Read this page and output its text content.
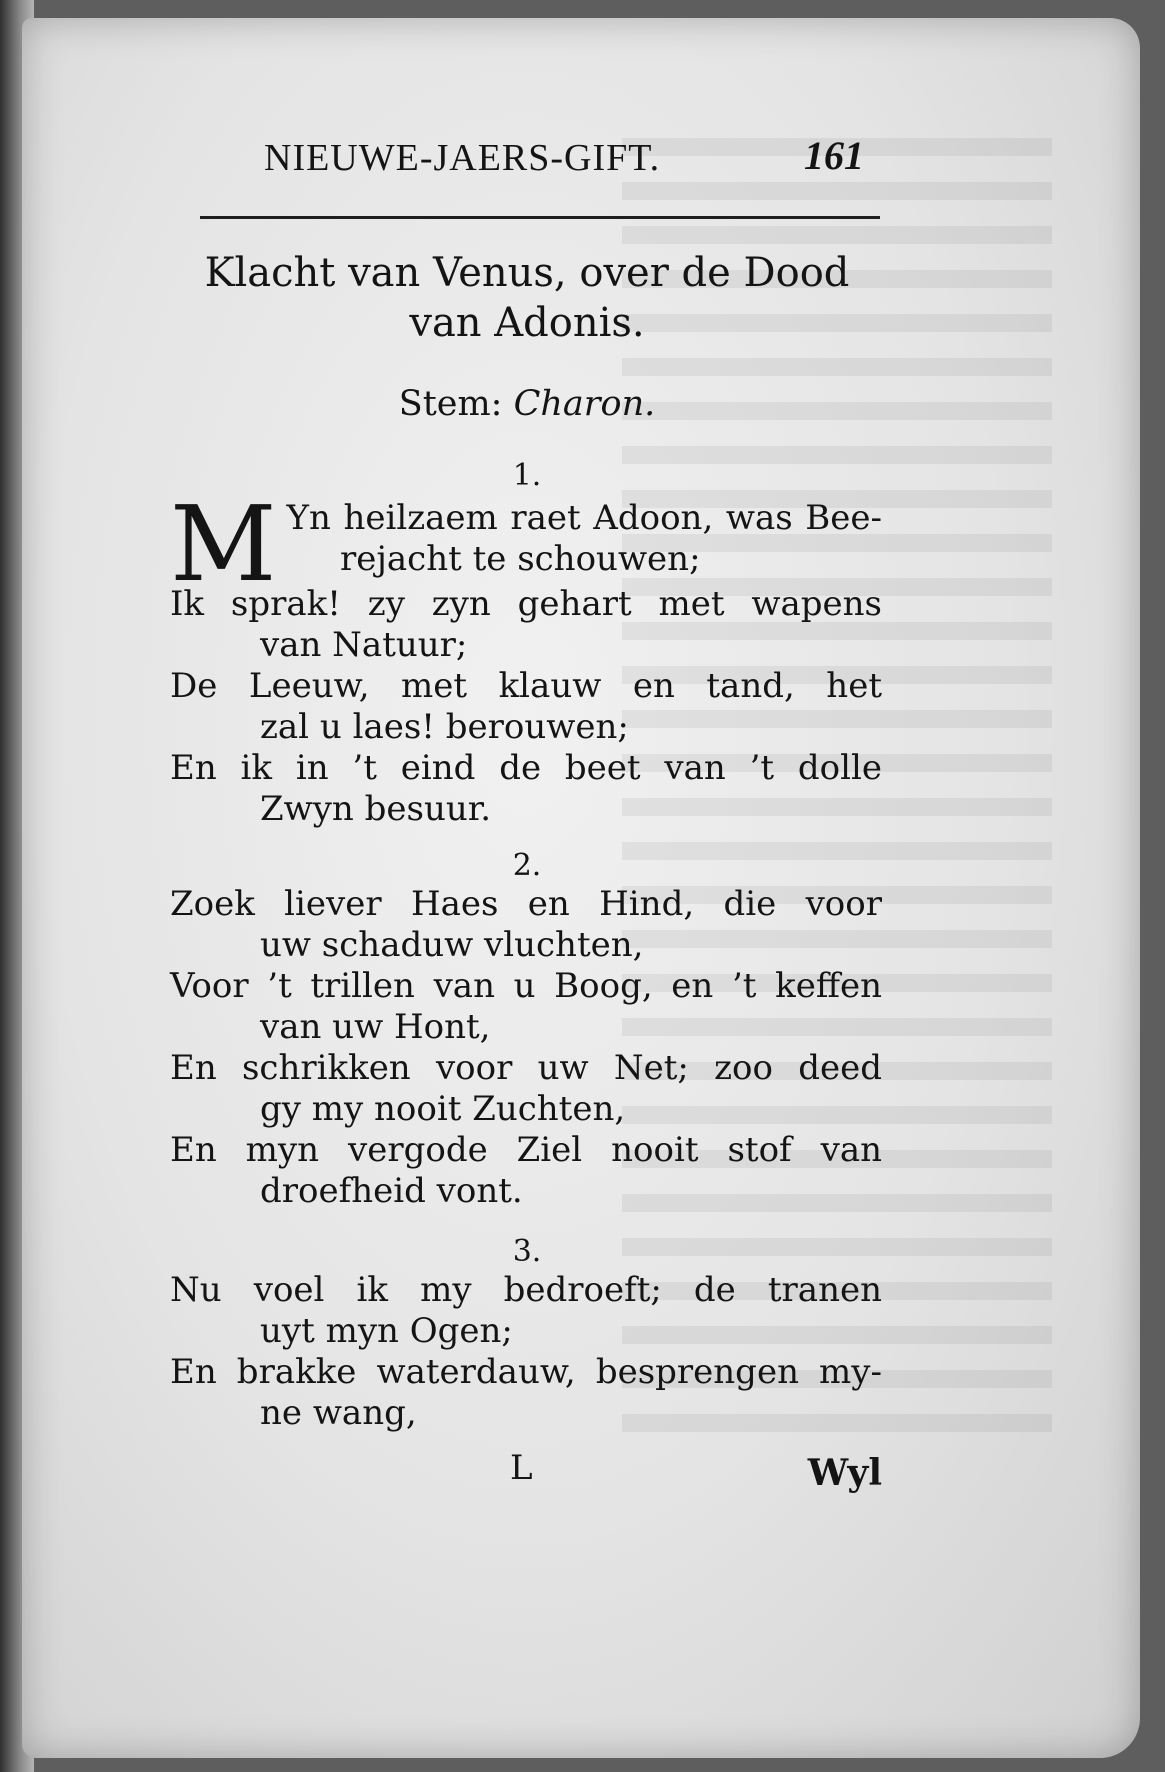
NIEUWE-JAERS-GIFT.	161
Klacht van Venus, over de Dood
van Adonis.
Stem: Charon.
1.
M Yn heilzaem raet Adoon, was Bee-
rejacht te schouwen;
Ik sprak! zy zyn gehart met wapens
van Natuur;
De Leeuw, met klauw en tand, het
zal u laes! berouwen;
En ik in ’t eind de beet van ’t dolle
Zwyn besuur.
2.
Zoek liever Haes en Hind, die voor
uw schaduw vluchten,
Voor ’t trillen van u Boog, en ’t keffen
van uw Hont,
En schrikken voor uw Net; zoo deed
gy my nooit Zuchten,
En myn vergode Ziel nooit stof van
droefheid vont.
3.
Nu voel ik my bedroeft; de tranen
uyt myn Ogen;
En brakke waterdauw, besprengen my-
ne wang,
L	Wyl
